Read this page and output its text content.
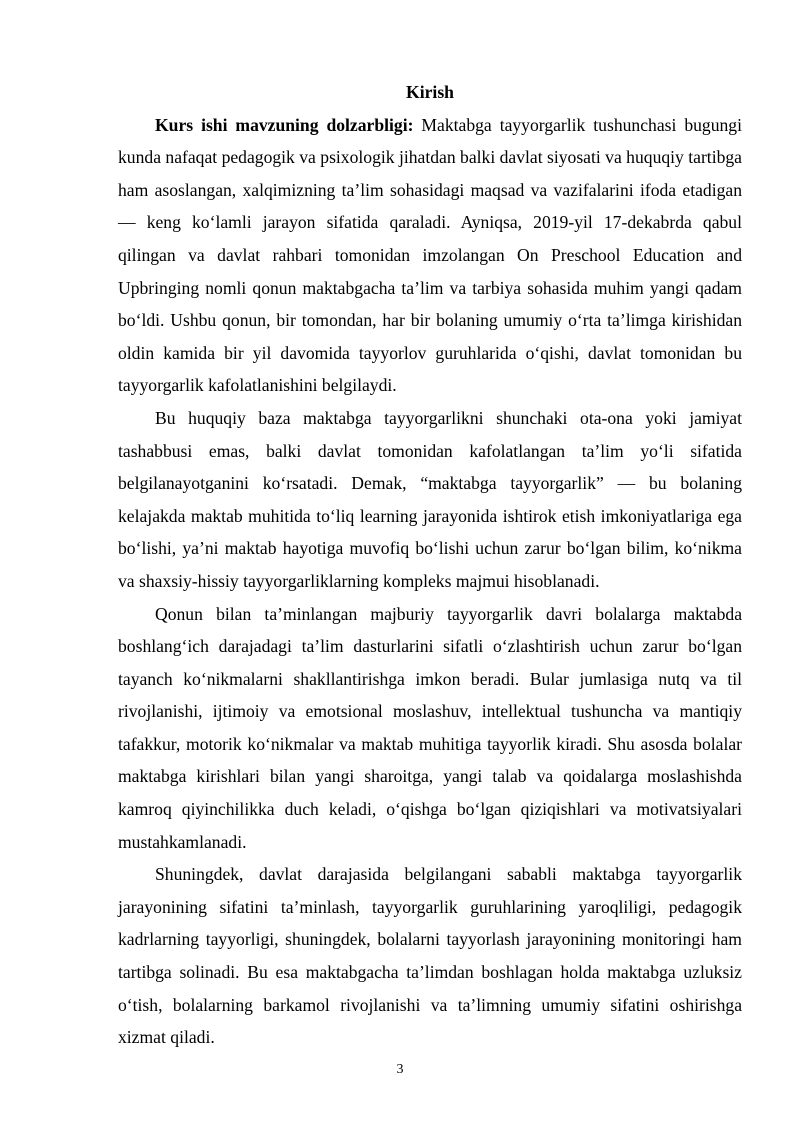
Kirish

Kurs ishi mavzuning dolzarbligi: Maktabga tayyorgarlik tushunchasi bugungi kunda nafaqat pedagogik va psixologik jihatdan balki davlat siyosati va huquqiy tartibga ham asoslangan, xalqimizning ta’lim sohasidagi maqsad va vazifalarini ifoda etadigan — keng ko‘lamli jarayon sifatida qaraladi. Ayniqsa, 2019-yil 17-dekabrda qabul qilingan va davlat rahbari tomonidan imzolangan On Preschool Education and Upbringing nomli qonun maktabgacha ta’lim va tarbiya sohasida muhim yangi qadam bo‘ldi. Ushbu qonun, bir tomondan, har bir bolaning umumiy o‘rta ta’limga kirishidan oldin kamida bir yil davomida tayyorlov guruhlarida o‘qishi, davlat tomonidan bu tayyorgarlik kafolatlanishini belgilaydi.

Bu huquqiy baza maktabga tayyorgarlikni shunchaki ota-ona yoki jamiyat tashabbusi emas, balki davlat tomonidan kafolatlangan ta’lim yo‘li sifatida belgilanayotganini ko‘rsatadi. Demak, “maktabga tayyorgarlik” — bu bolaning kelajakda maktab muhitida to‘liq learning jarayonida ishtirok etish imkoniyatlariga ega bo‘lishi, ya’ni maktab hayotiga muvofiq bo‘lishi uchun zarur bo‘lgan bilim, ko‘nikma va shaxsiy-hissiy tayyorgarliklarning kompleks majmui hisoblanadi.

Qonun bilan ta’minlangan majburiy tayyorgarlik davri bolalarga maktabda boshlang‘ich darajadagi ta’lim dasturlarini sifatli o‘zlashtirish uchun zarur bo‘lgan tayanch ko‘nikmalarni shakllantirishga imkon beradi. Bular jumlasiga nutq va til rivojlanishi, ijtimoiy va emotsional moslashuv, intellektual tushuncha va mantiqiy tafakkur, motorik ko‘nikmalar va maktab muhitiga tayyorlik kiradi. Shu asosda bolalar maktabga kirishlari bilan yangi sharoitga, yangi talab va qoidalarga moslashishda kamroq qiyinchilikka duch keladi, o‘qishga bo‘lgan qiziqishlari va motivatsiyalari mustahkamlanadi.

Shuningdek, davlat darajasida belgilangani sababli maktabga tayyorgarlik jarayonining sifatini ta’minlash, tayyorgarlik guruhlarining yaroqliligi, pedagogik kadrlarning tayyorligi, shuningdek, bolalarni tayyorlash jarayonining monitoringi ham tartibga solinadi. Bu esa maktabgacha ta’limdan boshlagan holda maktabga uzluksiz o‘tish, bolalarning barkamol rivojlanishi va ta’limning umumiy sifatini oshirishga xizmat qiladi.

3
